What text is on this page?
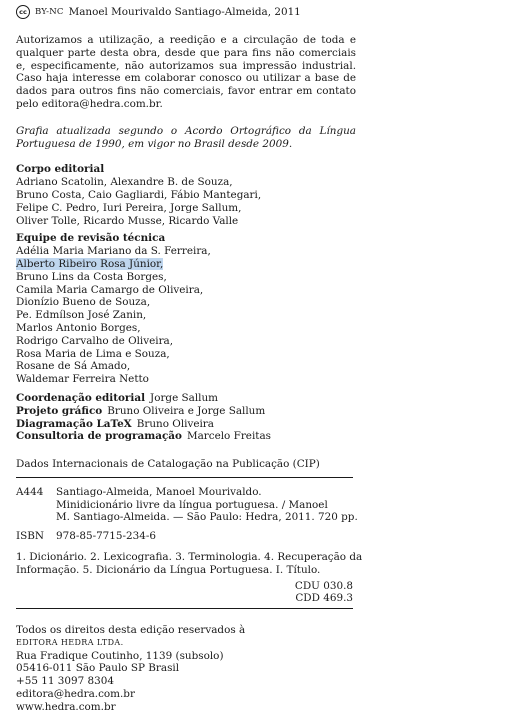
cc BY-NC Manoel Mourivaldo Santiago-Almeida, 2011

Autorizamos a utilização, a reedição e a circulação de toda e qualquer parte desta obra, desde que para fins não comerciais e, especificamente, não autorizamos sua impressão industrial. Caso haja interesse em colaborar conosco ou utilizar a base de dados para outros fins não comerciais, favor entrar em contato pelo editora@hedra.com.br.

Grafia atualizada segundo o Acordo Ortográfico da Língua Portuguesa de 1990, em vigor no Brasil desde 2009.

Corpo editorial
Adriano Scatolin, Alexandre B. de Souza,
Bruno Costa, Caio Gagliardi, Fábio Mantegari,
Felipe C. Pedro, Iuri Pereira, Jorge Sallum,
Oliver Tolle, Ricardo Musse, Ricardo Valle
Equipe de revisão técnica
Adélia Maria Mariano da S. Ferreira,
Alberto Ribeiro Rosa Júnior,
Bruno Lins da Costa Borges,
Camila Maria Camargo de Oliveira,
Dionízio Bueno de Souza,
Pe. Edmílson José Zanin,
Marlos Antonio Borges,
Rodrigo Carvalho de Oliveira,
Rosa Maria de Lima e Souza,
Rosane de Sá Amado,
Waldemar Ferreira Netto
Coordenação editorial Jorge Sallum
Projeto gráfico Bruno Oliveira e Jorge Sallum
Diagramação LaTeX Bruno Oliveira
Consultoria de programação Marcelo Freitas
Dados Internacionais de Catalogação na Publicação (CIP)
A444	Santiago-Almeida, Manoel Mourivaldo.
Minidicionário livre da língua portuguesa. / Manoel
M. Santiago-Almeida. — São Paulo: Hedra, 2011. 720 pp.
ISBN	978-85-7715-234-6
1. Dicionário. 2. Lexicografia. 3. Terminologia. 4. Recuperação da
Informação. 5. Dicionário da Língua Portuguesa. I. Título.
CDU 030.8
CDD 469.3
Todos os direitos desta edição reservados à
EDITORA HEDRA LTDA.
Rua Fradique Coutinho, 1139 (subsolo)
05416-011 São Paulo SP Brasil
+55 11 3097 8304
editora@hedra.com.br
www.hedra.com.br
